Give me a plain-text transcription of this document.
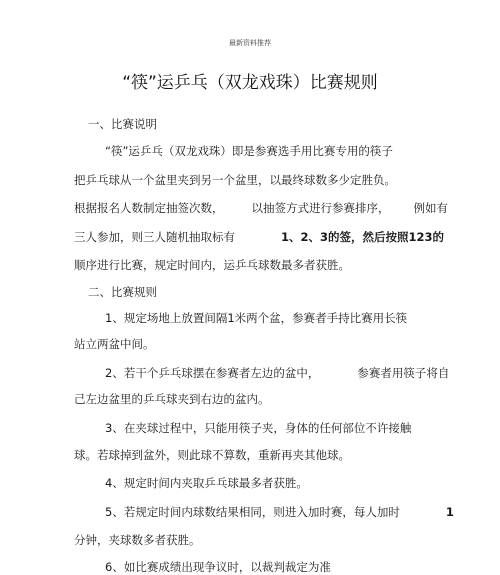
最新资料推荐
“筷”运乒乓（双龙戏珠）比赛规则
一、比赛说明
“筷”运乒乓（双龙戏珠）即是参赛选手用比赛专用的筷子
把乒乓球从一个盆里夹到另一个盆里，以最终球数多少定胜负。
根据报名人数制定抽签次数， 以抽签方式进行参赛排序， 例如有
三人参加，则三人随机抽取标有	1、2、3的签，然后按照123的
顺序进行比赛，规定时间内，运乒乓球数最多者获胜。
二、比赛规则
1、规定场地上放置间隔1米两个盆，参赛者手持比赛用长筷
站立两盆中间。
2、若干个乒乓球摆在参赛者左边的盆中，	参赛者用筷子将自
己左边盆里的乒乓球夹到右边的盆内。
3、在夹球过程中，只能用筷子夹，身体的任何部位不许接触
球。若球掉到盆外，则此球不算数，重新再夹其他球。
4、规定时间内夹取乒乓球最多者获胜。
5、若规定时间内球数结果相同，则进入加时赛，每人加时	1
分钟，夹球数多者获胜。
6、如比赛成绩出现争议时，以裁判裁定为准
